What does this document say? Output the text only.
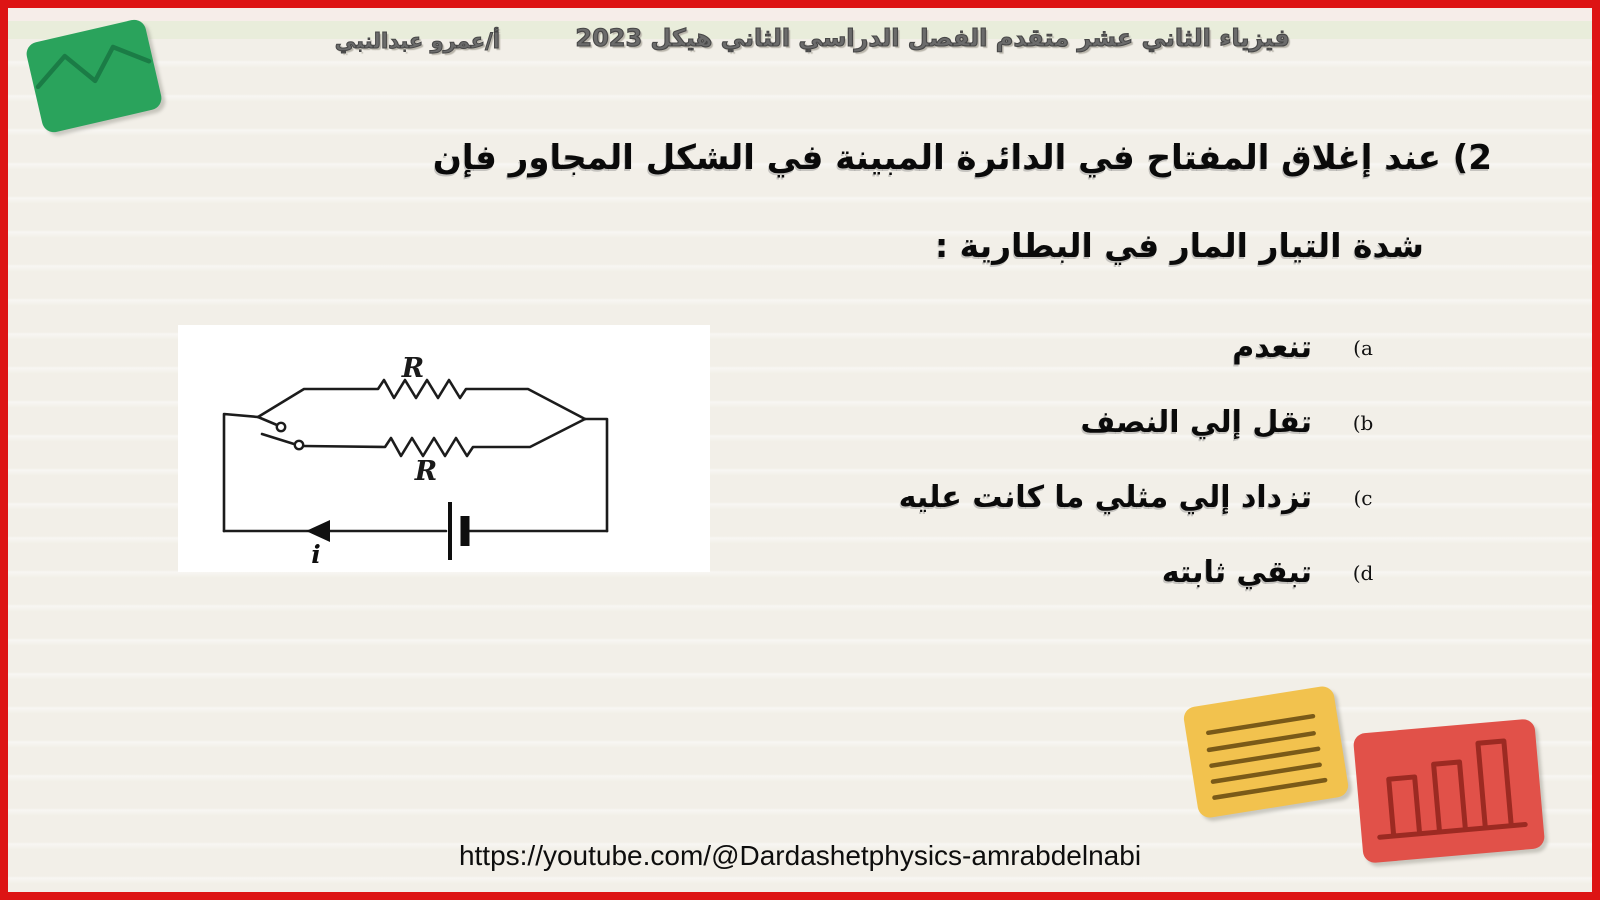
فيزياء الثاني عشر متقدم الفصل الدراسي الثاني هيكل 2023
أ/عمرو عبدالنبي
2) عند إغلاق المفتاح في الدائرة المبينة في الشكل المجاور فإن
شدة التيار المار في البطارية :
a)
تنعدم
b)
تقل إلي النصف
c)
تزداد إلي مثلي ما كانت عليه
d)
تبقي ثابته
R
R
i
https://youtube.com/@Dardashetphysics-amrabdelnabi
